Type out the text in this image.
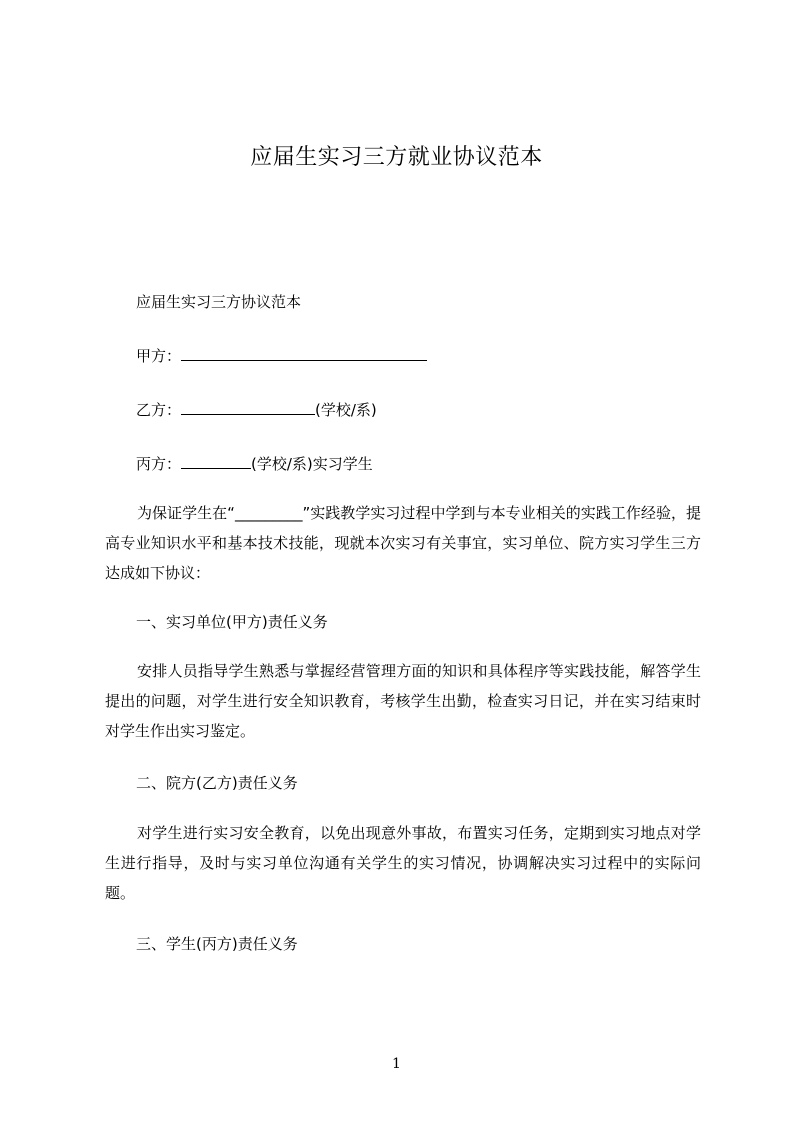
应届生实习三方就业协议范本
应届生实习三方协议范本
甲方：
乙方：	(学校/系)
丙方：	(学校/系)实习学生

为保证学生在“_________”实践教学实习过程中学到与本专业相关的实践工作经验，提高专业知识水平和基本技术技能，现就本次实习有关事宜，实习单位、院方实习学生三方达成如下协议：

一、实习单位(甲方)责任义务

安排人员指导学生熟悉与掌握经营管理方面的知识和具体程序等实践技能，解答学生提出的问题，对学生进行安全知识教育，考核学生出勤，检查实习日记，并在实习结束时对学生作出实习鉴定。

二、院方(乙方)责任义务

对学生进行实习安全教育，以免出现意外事故，布置实习任务，定期到实习地点对学生进行指导，及时与实习单位沟通有关学生的实习情况，协调解决实习过程中的实际问题。

三、学生(丙方)责任义务
1
